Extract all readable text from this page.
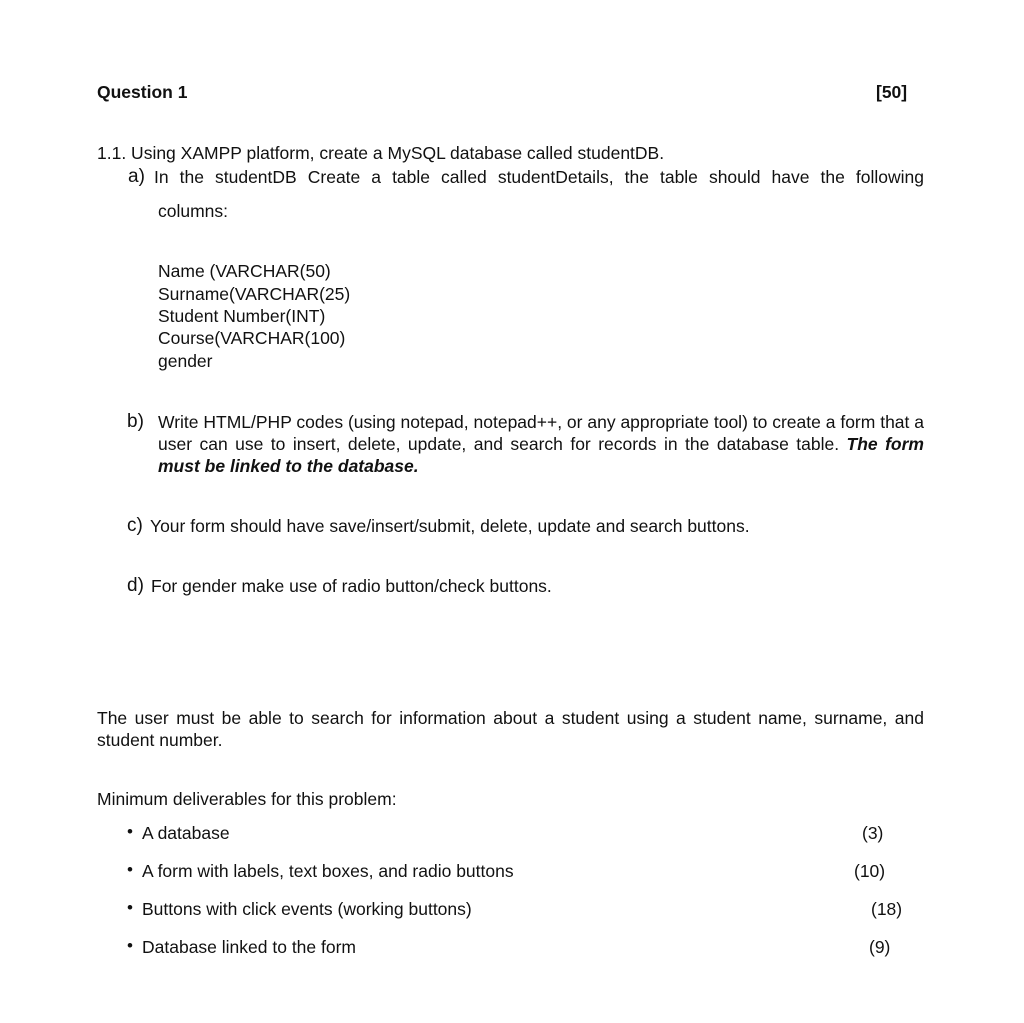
Question 1	[50]
1.1. Using XAMPP platform, create a MySQL database called studentDB.
a) In the studentDB Create a table called studentDetails, the table should have the following
columns:
Name (VARCHAR(50)
Surname(VARCHAR(25)
Student Number(INT)
Course(VARCHAR(100)
gender
b) Write HTML/PHP codes (using notepad, notepad++, or any appropriate tool) to create a form that a user can use to insert, delete, update, and search for records in the database table. The form must be linked to the database.
c) Your form should have save/insert/submit, delete, update and search buttons.
d) For gender make use of radio button/check buttons.
The user must be able to search for information about a student using a student name, surname, and student number.
Minimum deliverables for this problem:
• A database	(3)
• A form with labels, text boxes, and radio buttons	(10)
• Buttons with click events (working buttons)	(18)
• Database linked to the form	(9)
